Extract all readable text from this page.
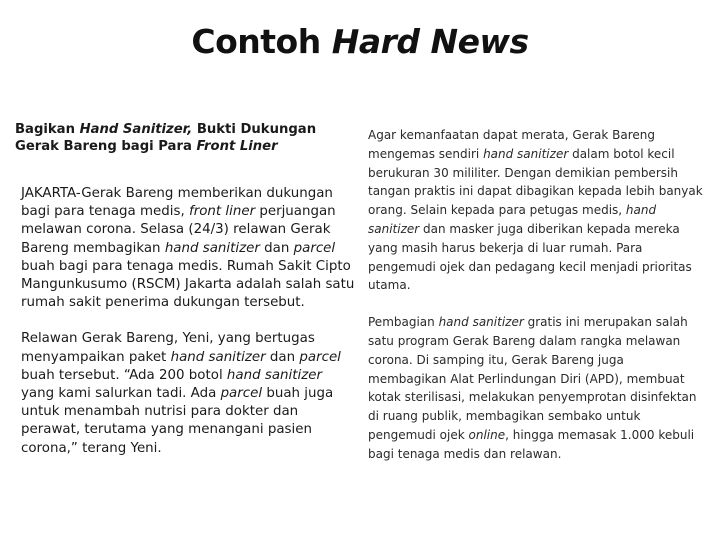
Contoh Hard News
Bagikan Hand Sanitizer, Bukti Dukungan Gerak Bareng bagi Para Front Liner

JAKARTA-Gerak Bareng memberikan dukungan bagi para tenaga medis, front liner perjuangan melawan corona. Selasa (24/3) relawan Gerak Bareng membagikan hand sanitizer dan parcel buah bagi para tenaga medis. Rumah Sakit Cipto Mangunkusumo (RSCM) Jakarta adalah salah satu rumah sakit penerima dukungan tersebut.

Relawan Gerak Bareng, Yeni, yang bertugas menyampaikan paket hand sanitizer dan parcel buah tersebut. “Ada 200 botol hand sanitizer yang kami salurkan tadi. Ada parcel buah juga untuk menambah nutrisi para dokter dan perawat, terutama yang menangani pasien corona,” terang Yeni.

Agar kemanfaatan dapat merata, Gerak Bareng mengemas sendiri hand sanitizer dalam botol kecil berukuran 30 mililiter. Dengan demikian pembersih tangan praktis ini dapat dibagikan kepada lebih banyak orang. Selain kepada para petugas medis, hand sanitizer dan masker juga diberikan kepada mereka yang masih harus bekerja di luar rumah. Para pengemudi ojek dan pedagang kecil menjadi prioritas utama.

Pembagian hand sanitizer gratis ini merupakan salah satu program Gerak Bareng dalam rangka melawan corona. Di samping itu, Gerak Bareng juga membagikan Alat Perlindungan Diri (APD), membuat kotak sterilisasi, melakukan penyemprotan disinfektan di ruang publik, membagikan sembako untuk pengemudi ojek online, hingga memasak 1.000 kebuli bagi tenaga medis dan relawan.
